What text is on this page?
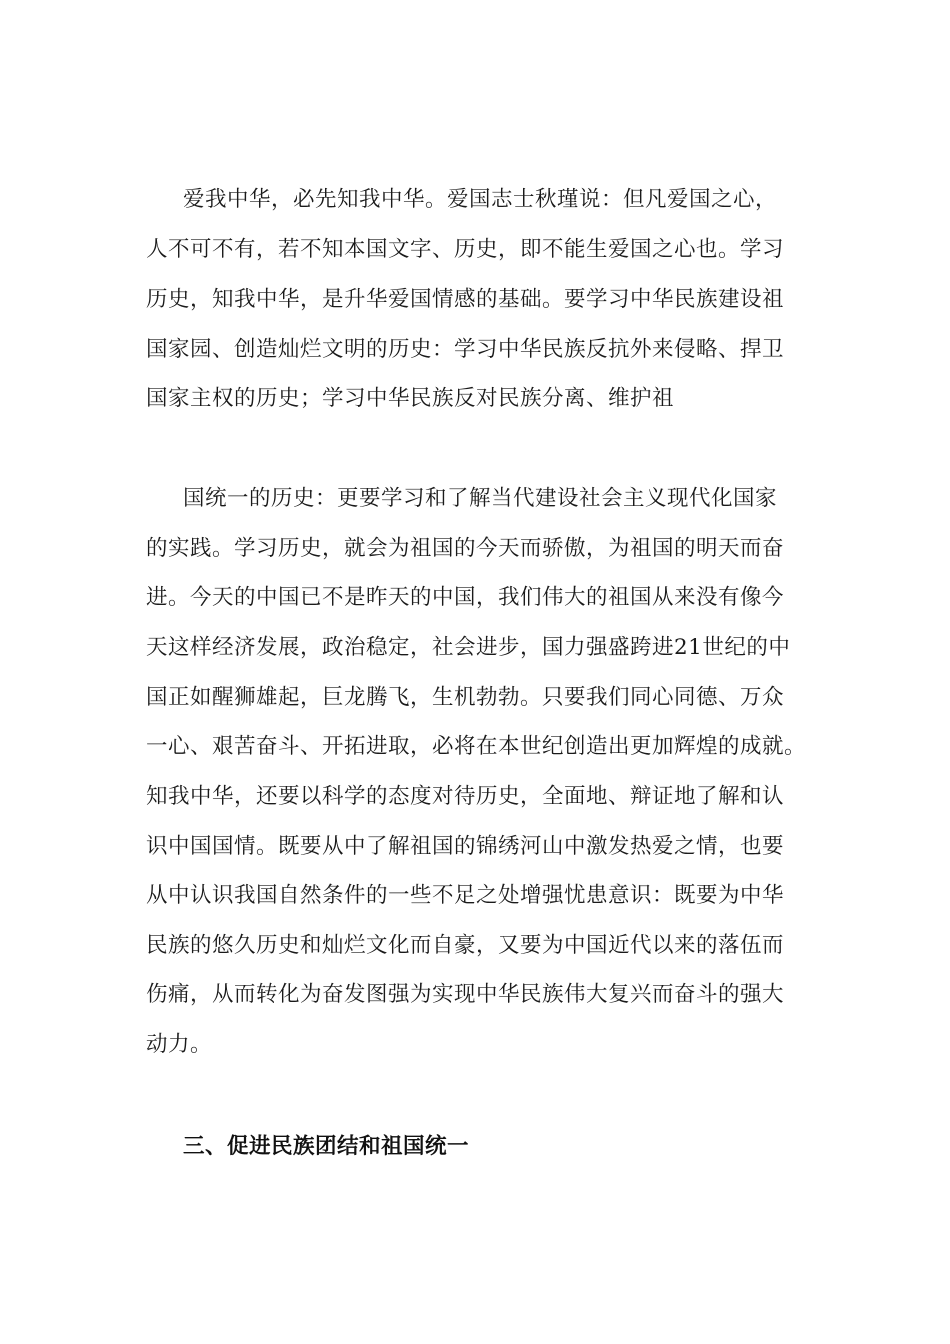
爱我中华，必先知我中华。爱国志士秋瑾说：但凡爱国之心，
人不可不有，若不知本国文字、历史，即不能生爱国之心也。学习
历史，知我中华，是升华爱国情感的基础。要学习中华民族建设祖
国家园、创造灿烂文明的历史：学习中华民族反抗外来侵略、捍卫
国家主权的历史；学习中华民族反对民族分离、维护祖
国统一的历史：更要学习和了解当代建设社会主义现代化国家
的实践。学习历史，就会为祖国的今天而骄傲，为祖国的明天而奋
进。今天的中国已不是昨天的中国，我们伟大的祖国从来没有像今
天这样经济发展，政治稳定，社会进步，国力强盛跨进21世纪的中
国正如醒狮雄起，巨龙腾飞，生机勃勃。只要我们同心同德、万众
一心、艰苦奋斗、开拓进取，必将在本世纪创造出更加辉煌的成就。
知我中华，还要以科学的态度对待历史，全面地、辩证地了解和认
识中国国情。既要从中了解祖国的锦绣河山中激发热爱之情，也要
从中认识我国自然条件的一些不足之处增强忧患意识：既要为中华
民族的悠久历史和灿烂文化而自豪，又要为中国近代以来的落伍而
伤痛，从而转化为奋发图强为实现中华民族伟大复兴而奋斗的强大
动力。
三、促进民族团结和祖国统一
